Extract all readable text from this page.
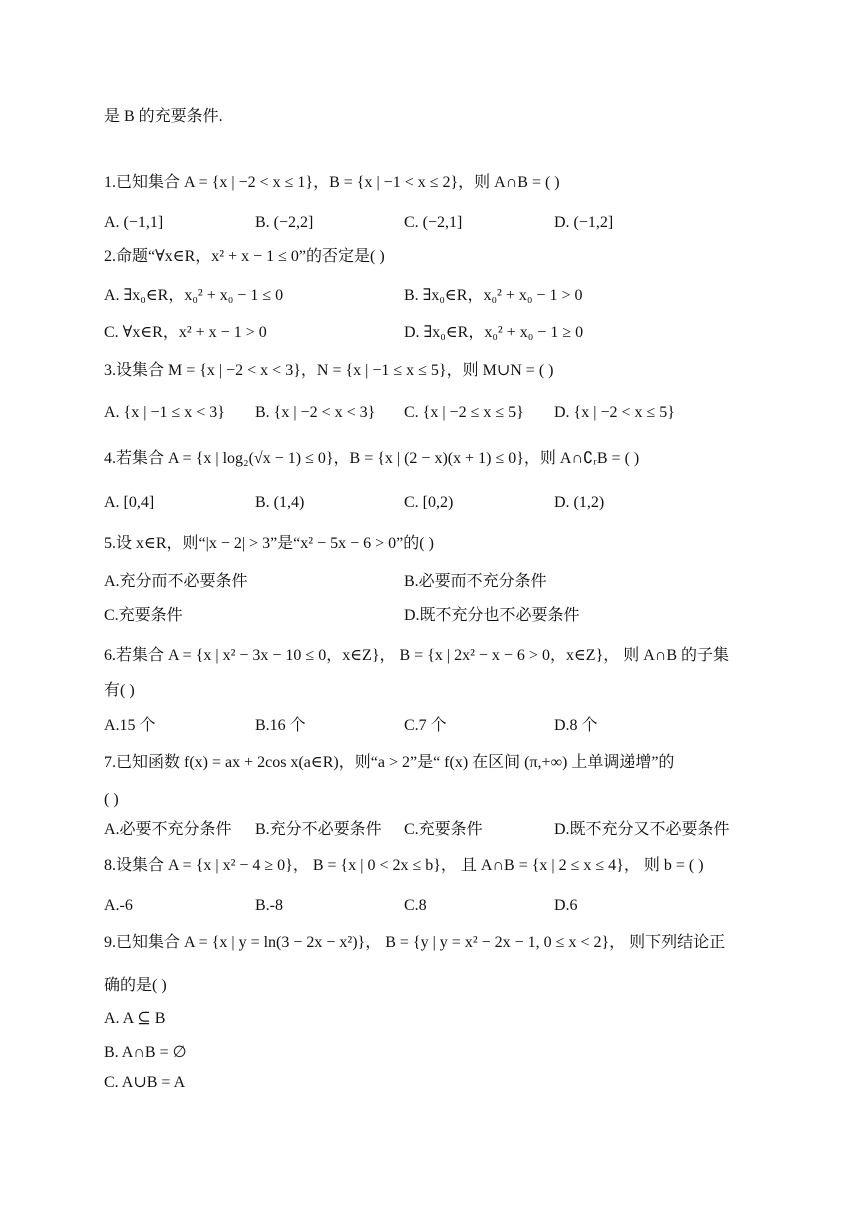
是 B 的充要条件.
1.已知集合 A = {x | −2 < x ≤ 1}，B = {x | −1 < x ≤ 2}，则 A∩B = ( )
A. (−1,1]	B. (−2,2]	C. (−2,1]	D. (−1,2]
2.命题“∀x∈R，x² + x − 1 ≤ 0”的否定是( )
A. ∃x₀∈R，x₀² + x₀ − 1 ≤ 0	B. ∃x₀∈R，x₀² + x₀ − 1 > 0
C. ∀x∈R，x² + x − 1 > 0	D. ∃x₀∈R，x₀² + x₀ − 1 ≥ 0
3.设集合 M = {x | −2 < x < 3}，N = {x | −1 ≤ x ≤ 5}，则 M∪N = ( )
A. {x | −1 ≤ x < 3} B. {x | −2 < x < 3} C. {x | −2 ≤ x ≤ 5} D. {x | −2 < x ≤ 5}
4.若集合 A = {x | log₂(√x − 1) ≤ 0}，B = {x | (2 − x)(x + 1) ≤ 0}，则 A∩∁ᵣB = ( )
A. [0,4]	B. (1,4)	C. [0,2)	D. (1,2)
5.设 x∈R，则“|x − 2| > 3”是“x² − 5x − 6 > 0”的( )
A.充分而不必要条件	B.必要而不充分条件
C.充要条件	D.既不充分也不必要条件
6.若集合 A = {x | x² − 3x − 10 ≤ 0，x∈Z}， B = {x | 2x² − x − 6 > 0，x∈Z}， 则 A∩B 的子集
有( )
A.15 个	B.16 个	C.7 个	D.8 个
7.已知函数 f(x) = ax + 2cos x(a∈R)，则“a > 2”是“ f(x) 在区间 (π,+∞) 上单调递增”的
( )
A.必要不充分条件 B.充分不必要条件 C.充要条件	D.既不充分又不必要条件
8.设集合 A = {x | x² − 4 ≥ 0}， B = {x | 0 < 2x ≤ b}， 且 A∩B = {x | 2 ≤ x ≤ 4}， 则 b = ( )
A.-6	B.-8	C.8	D.6
9.已知集合 A = {x | y = ln(3 − 2x − x²)}， B = {y | y = x² − 2x − 1, 0 ≤ x < 2}， 则下列结论正
确的是( )
A. A ⊆ B
B. A∩B = ∅
C. A∪B = A
